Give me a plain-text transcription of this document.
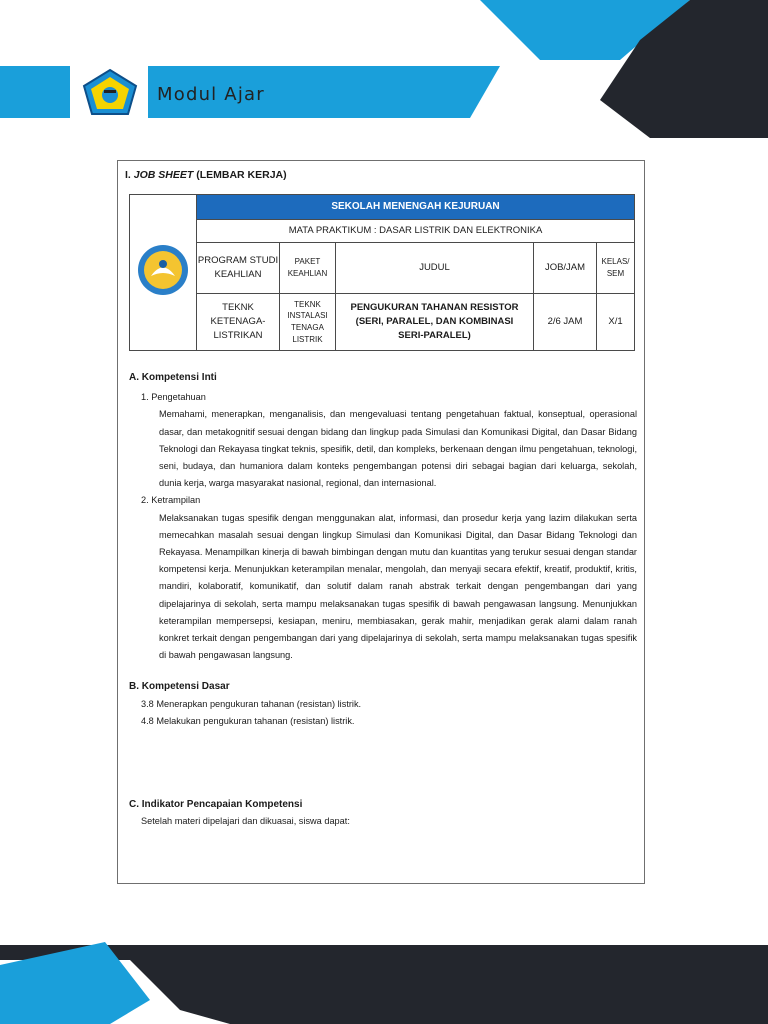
Modul Ajar
I. JOB SHEET (LEMBAR KERJA)
	SEKOLAH MENENGAH KEJURUAN				
	MATA PRAKTIKUM : DASAR LISTRIK DAN ELEKTRONIKA				
	PROGRAM STUDI KEAHLIAN	PAKET KEAHLIAN	JUDUL	JOB/JAM	KELAS/ SEM
	TEKNK KETENAGA-LISTRIKAN	TEKNK INSTALASI TENAGA LISTRIK	PENGUKURAN TAHANAN RESISTOR (SERI, PARALEL, DAN KOMBINASI SERI-PARALEL)	2/6 JAM	X/1
A. Kompetensi Inti
1. Pengetahuan
Memahami, menerapkan, menganalisis, dan mengevaluasi tentang pengetahuan faktual, konseptual, operasional dasar, dan metakognitif sesuai dengan bidang dan lingkup pada Simulasi dan Komunikasi Digital, dan Dasar Bidang Teknologi dan Rekayasa tingkat teknis, spesifik, detil, dan kompleks, berkenaan dengan ilmu pengetahuan, teknologi, seni, budaya, dan humaniora dalam konteks pengembangan potensi diri sebagai bagian dari keluarga, sekolah, dunia kerja, warga masyarakat nasional, regional, dan internasional.
2. Ketrampilan
Melaksanakan tugas spesifik dengan menggunakan alat, informasi, dan prosedur kerja yang lazim dilakukan serta memecahkan masalah sesuai dengan lingkup Simulasi dan Komunikasi Digital, dan Dasar Bidang Teknologi dan Rekayasa. Menampilkan kinerja di bawah bimbingan dengan mutu dan kuantitas yang terukur sesuai dengan standar kompetensi kerja. Menunjukkan keterampilan menalar, mengolah, dan menyaji secara efektif, kreatif, produktif, kritis, mandiri, kolaboratif, komunikatif, dan solutif dalam ranah abstrak terkait dengan pengembangan dari yang dipelajarinya di sekolah, serta mampu melaksanakan tugas spesifik di bawah pengawasan langsung. Menunjukkan keterampilan mempersepsi, kesiapan, meniru, membiasakan, gerak mahir, menjadikan gerak alami dalam ranah konkret terkait dengan pengembangan dari yang dipelajarinya di sekolah, serta mampu melaksanakan tugas spesifik di bawah pengawasan langsung.
B. Kompetensi Dasar
3.8 Menerapkan pengukuran tahanan (resistan) listrik.
4.8 Melakukan pengukuran tahanan (resistan) listrik.
C. Indikator Pencapaian Kompetensi
Setelah materi dipelajari dan dikuasai, siswa dapat:
